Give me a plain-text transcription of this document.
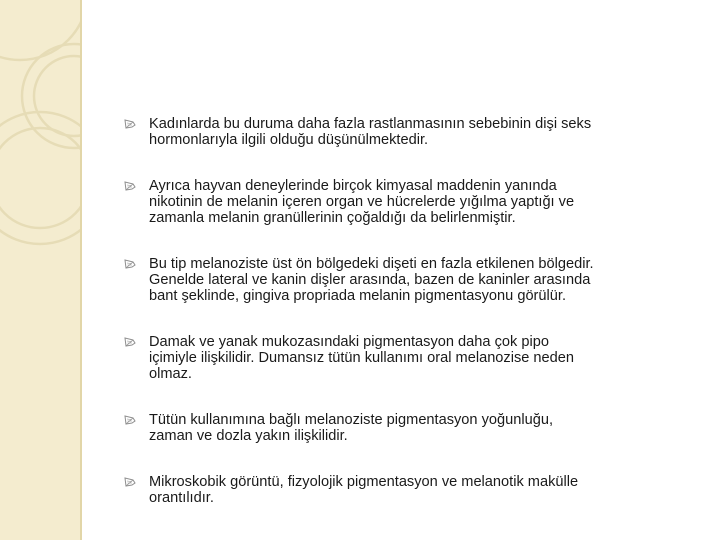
Kadınlarda bu duruma daha fazla rastlanmasının sebebinin dişi seks
hormonlarıyla ilgili olduğu düşünülmektedir.
Ayrıca hayvan deneylerinde birçok kimyasal maddenin yanında
nikotinin de melanin içeren organ ve hücrelerde yığılma yaptığı ve
zamanla melanin granüllerinin çoğaldığı da belirlenmiştir.
Bu tip melanoziste üst ön bölgedeki dişeti en fazla etkilenen bölgedir.
Genelde lateral ve kanin dişler arasında, bazen de kaninler arasında
bant şeklinde, gingiva propriada melanin pigmentasyonu görülür.
Damak ve yanak mukozasındaki pigmentasyon daha çok pipo
içimiyle ilişkilidir. Dumansız tütün kullanımı oral melanozise neden
olmaz.
Tütün kullanımına bağlı melanoziste pigmentasyon yoğunluğu,
zaman ve dozla yakın ilişkilidir.
Mikroskobik görüntü, fizyolojik pigmentasyon ve melanotik makülle
orantılıdır.
